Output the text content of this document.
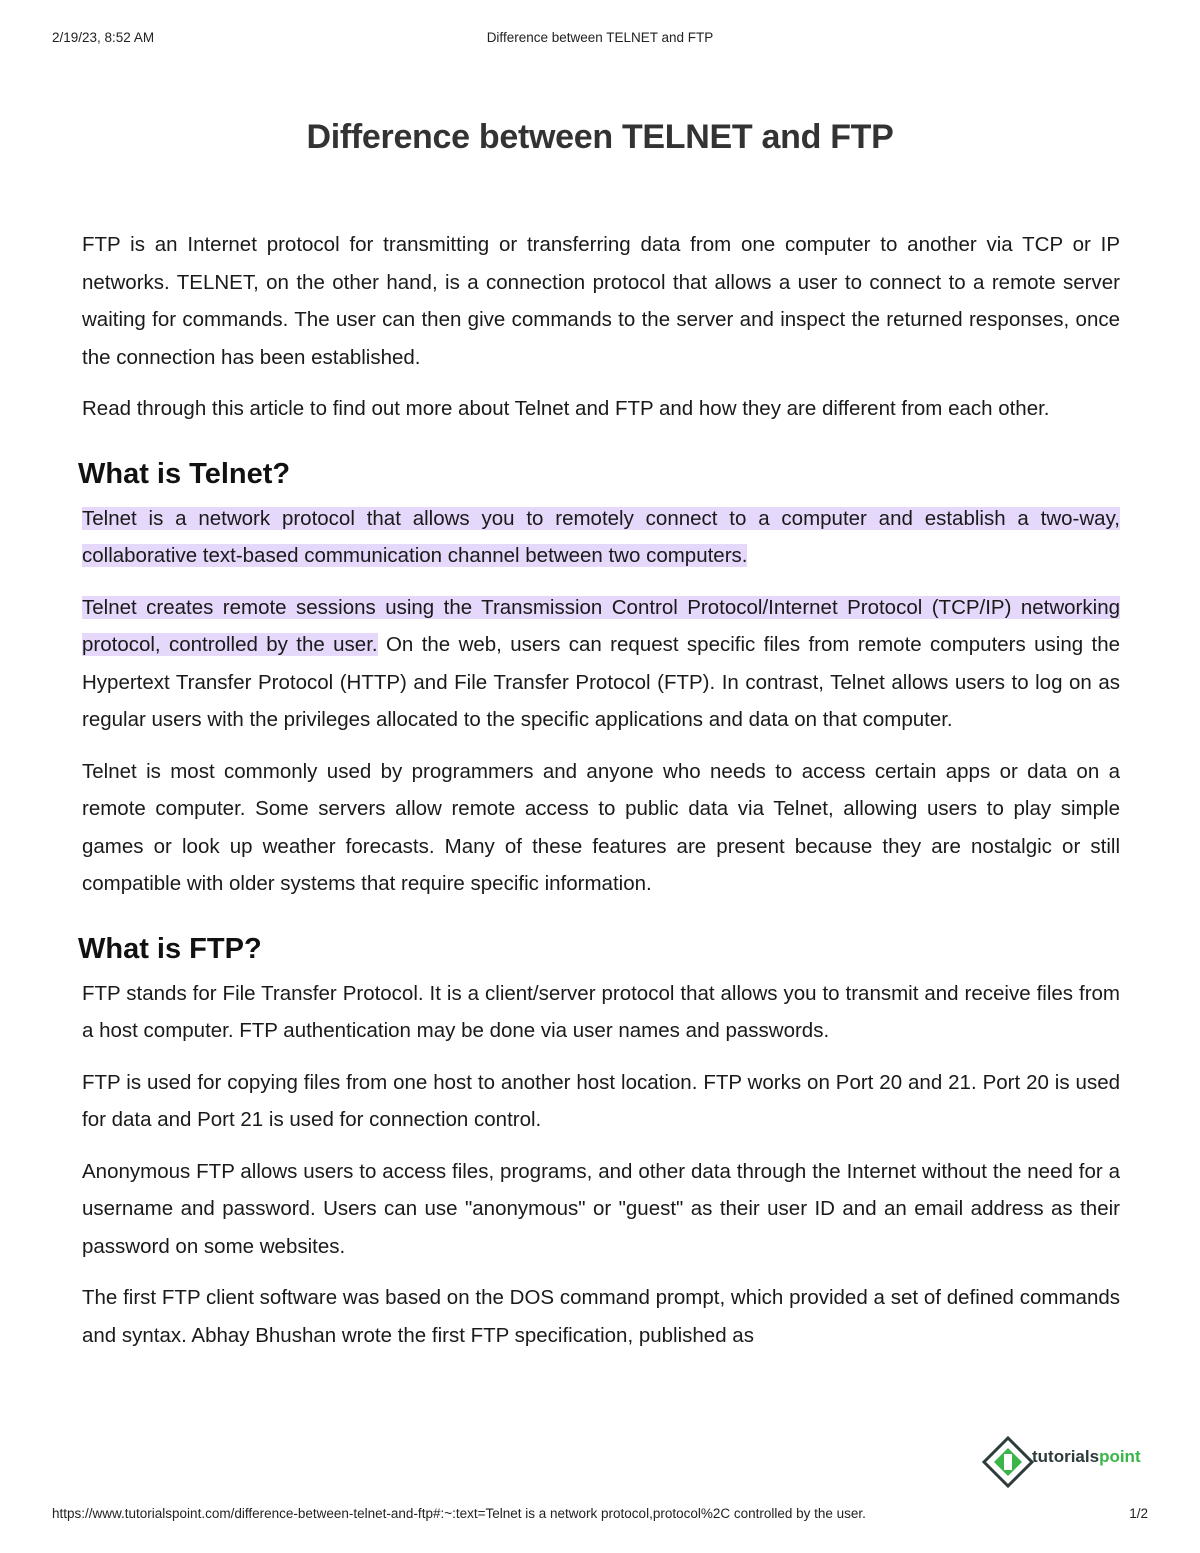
2/19/23, 8:52 AM	Difference between TELNET and FTP
Difference between TELNET and FTP

FTP is an Internet protocol for transmitting or transferring data from one computer to another via TCP or IP networks. TELNET, on the other hand, is a connection protocol that allows a user to connect to a remote server waiting for commands. The user can then give commands to the server and inspect the returned responses, once the connection has been established.

Read through this article to find out more about Telnet and FTP and how they are different from each other.

What is Telnet?

Telnet is a network protocol that allows you to remotely connect to a computer and establish a two-way, collaborative text-based communication channel between two computers.

Telnet creates remote sessions using the Transmission Control Protocol/Internet Protocol (TCP/IP) networking protocol, controlled by the user. On the web, users can request specific files from remote computers using the Hypertext Transfer Protocol (HTTP) and File Transfer Protocol (FTP). In contrast, Telnet allows users to log on as regular users with the privileges allocated to the specific applications and data on that computer.

Telnet is most commonly used by programmers and anyone who needs to access certain apps or data on a remote computer. Some servers allow remote access to public data via Telnet, allowing users to play simple games or look up weather forecasts. Many of these features are present because they are nostalgic or still compatible with older systems that require specific information.

What is FTP?

FTP stands for File Transfer Protocol. It is a client/server protocol that allows you to transmit and receive files from a host computer. FTP authentication may be done via user names and passwords.

FTP is used for copying files from one host to another host location. FTP works on Port 20 and 21. Port 20 is used for data and Port 21 is used for connection control.

Anonymous FTP allows users to access files, programs, and other data through the Internet without the need for a username and password. Users can use "anonymous" or "guest" as their user ID and an email address as their password on some websites.

The first FTP client software was based on the DOS command prompt, which provided a set of defined commands and syntax. Abhay Bhushan wrote the first FTP specification, published as

tutorialspoint
https://www.tutorialspoint.com/difference-between-telnet-and-ftp#:~:text=Telnet is a network protocol,protocol%2C controlled by the user.	1/2
